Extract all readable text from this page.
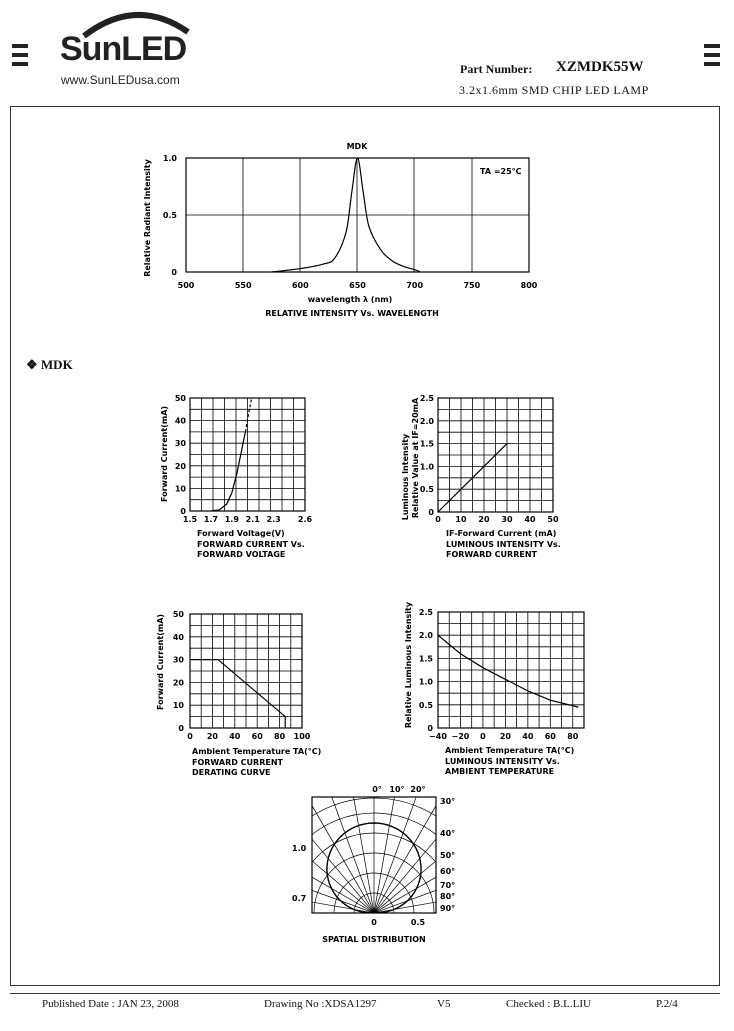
SunLED
www.SunLEDusa.com
Part Number: XZMDK55W
3.2x1.6mm SMD CHIP LED LAMP
❖ MDK
500	550	600	650	700	750	800
0
0.5
1.0
MDK
TA =25°C
wavelength λ (nm)
RELATIVE INTENSITY Vs. WAVELENGTH
Relative Radiant Intensity
1.5 1.7 1.9 2.1 2.3 2.6
0
10
20
30
40
50
Forward Voltage(V)
FORWARD CURRENT Vs.
FORWARD VOLTAGE
Forward Current(mA)
0 10 20 30 40 50
0
0.5
1.0
1.5
2.0
2.5
IF-Forward Current (mA)
LUMINOUS INTENSITY Vs.
FORWARD CURRENT
Luminous Intensity Relative Value at IF=20mA
0 20 40 60 80 100
0
10
20
30
40
50
Ambient Temperature TA(°C)
FORWARD CURRENT
DERATING CURVE
Forward Current(mA)
−40 −20 0 20 40 60 80
0
0.5
1.0
1.5
2.0
2.5
Ambient Temperature TA(°C)
LUMINOUS INTENSITY Vs.
AMBIENT TEMPERATURE
Relative Luminous Intensity
0° 10° 20°
30°
40°
50°
60°
70°
80°
90°
1.0
0.7
0	0.5
SPATIAL DISTRIBUTION
Published Date : JAN 23, 2008	Drawing No :XDSA1297	V5	Checked : B.L.LIU	P.2/4
